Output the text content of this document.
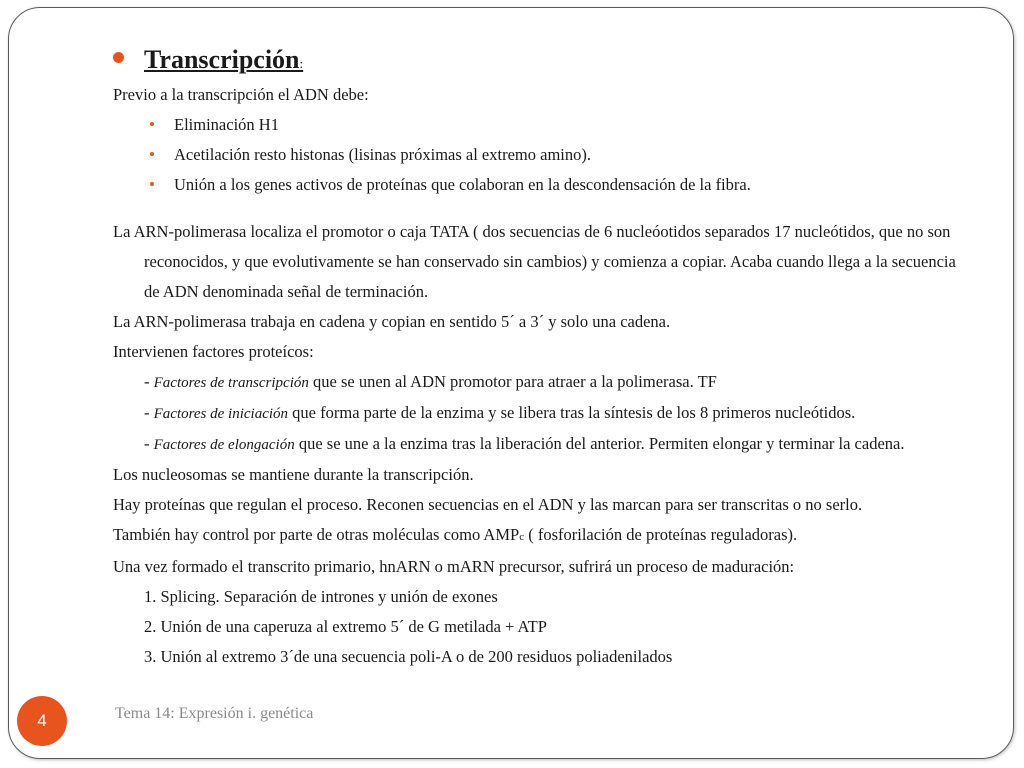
Transcripción:

Previo a la transcripción el ADN debe:

Eliminación H1
Acetilación resto histonas (lisinas próximas al extremo amino).
Unión a los genes activos de proteínas que colaboran en la descondensación de la fibra.

La ARN-polimerasa localiza el promotor o caja TATA ( dos secuencias de 6 nucleóotidos separados 17 nucleótidos, que no son reconocidos, y que evolutivamente se han conservado sin cambios) y comienza a copiar. Acaba cuando llega a la secuencia de ADN denominada señal de terminación.

La ARN-polimerasa trabaja en cadena y copian en sentido 5´ a 3´ y solo una cadena.

Intervienen factores proteícos:

- Factores de transcripción que se unen al ADN promotor para atraer a la polimerasa. TF

- Factores de iniciación que forma parte de la enzima y se libera tras la síntesis de los 8 primeros nucleótidos.

- Factores de elongación que se une a la enzima tras la liberación del anterior. Permiten elongar y terminar la cadena.

Los nucleosomas se mantiene durante la transcripción.

Hay proteínas que regulan el proceso. Reconen secuencias en el ADN y las marcan para ser transcritas o no serlo.

También hay control por parte de otras moléculas como AMPc ( fosforilación de proteínas reguladoras).

Una vez formado el transcrito primario, hnARN o mARN precursor, sufrirá un proceso de maduración:

1. Splicing. Separación de intrones y unión de exones

2. Unión de una caperuza al extremo 5´ de G metilada + ATP

3. Unión al extremo 3´de una secuencia poli-A o de 200 residuos poliadenilados

4	Tema 14: Expresión i. genética
